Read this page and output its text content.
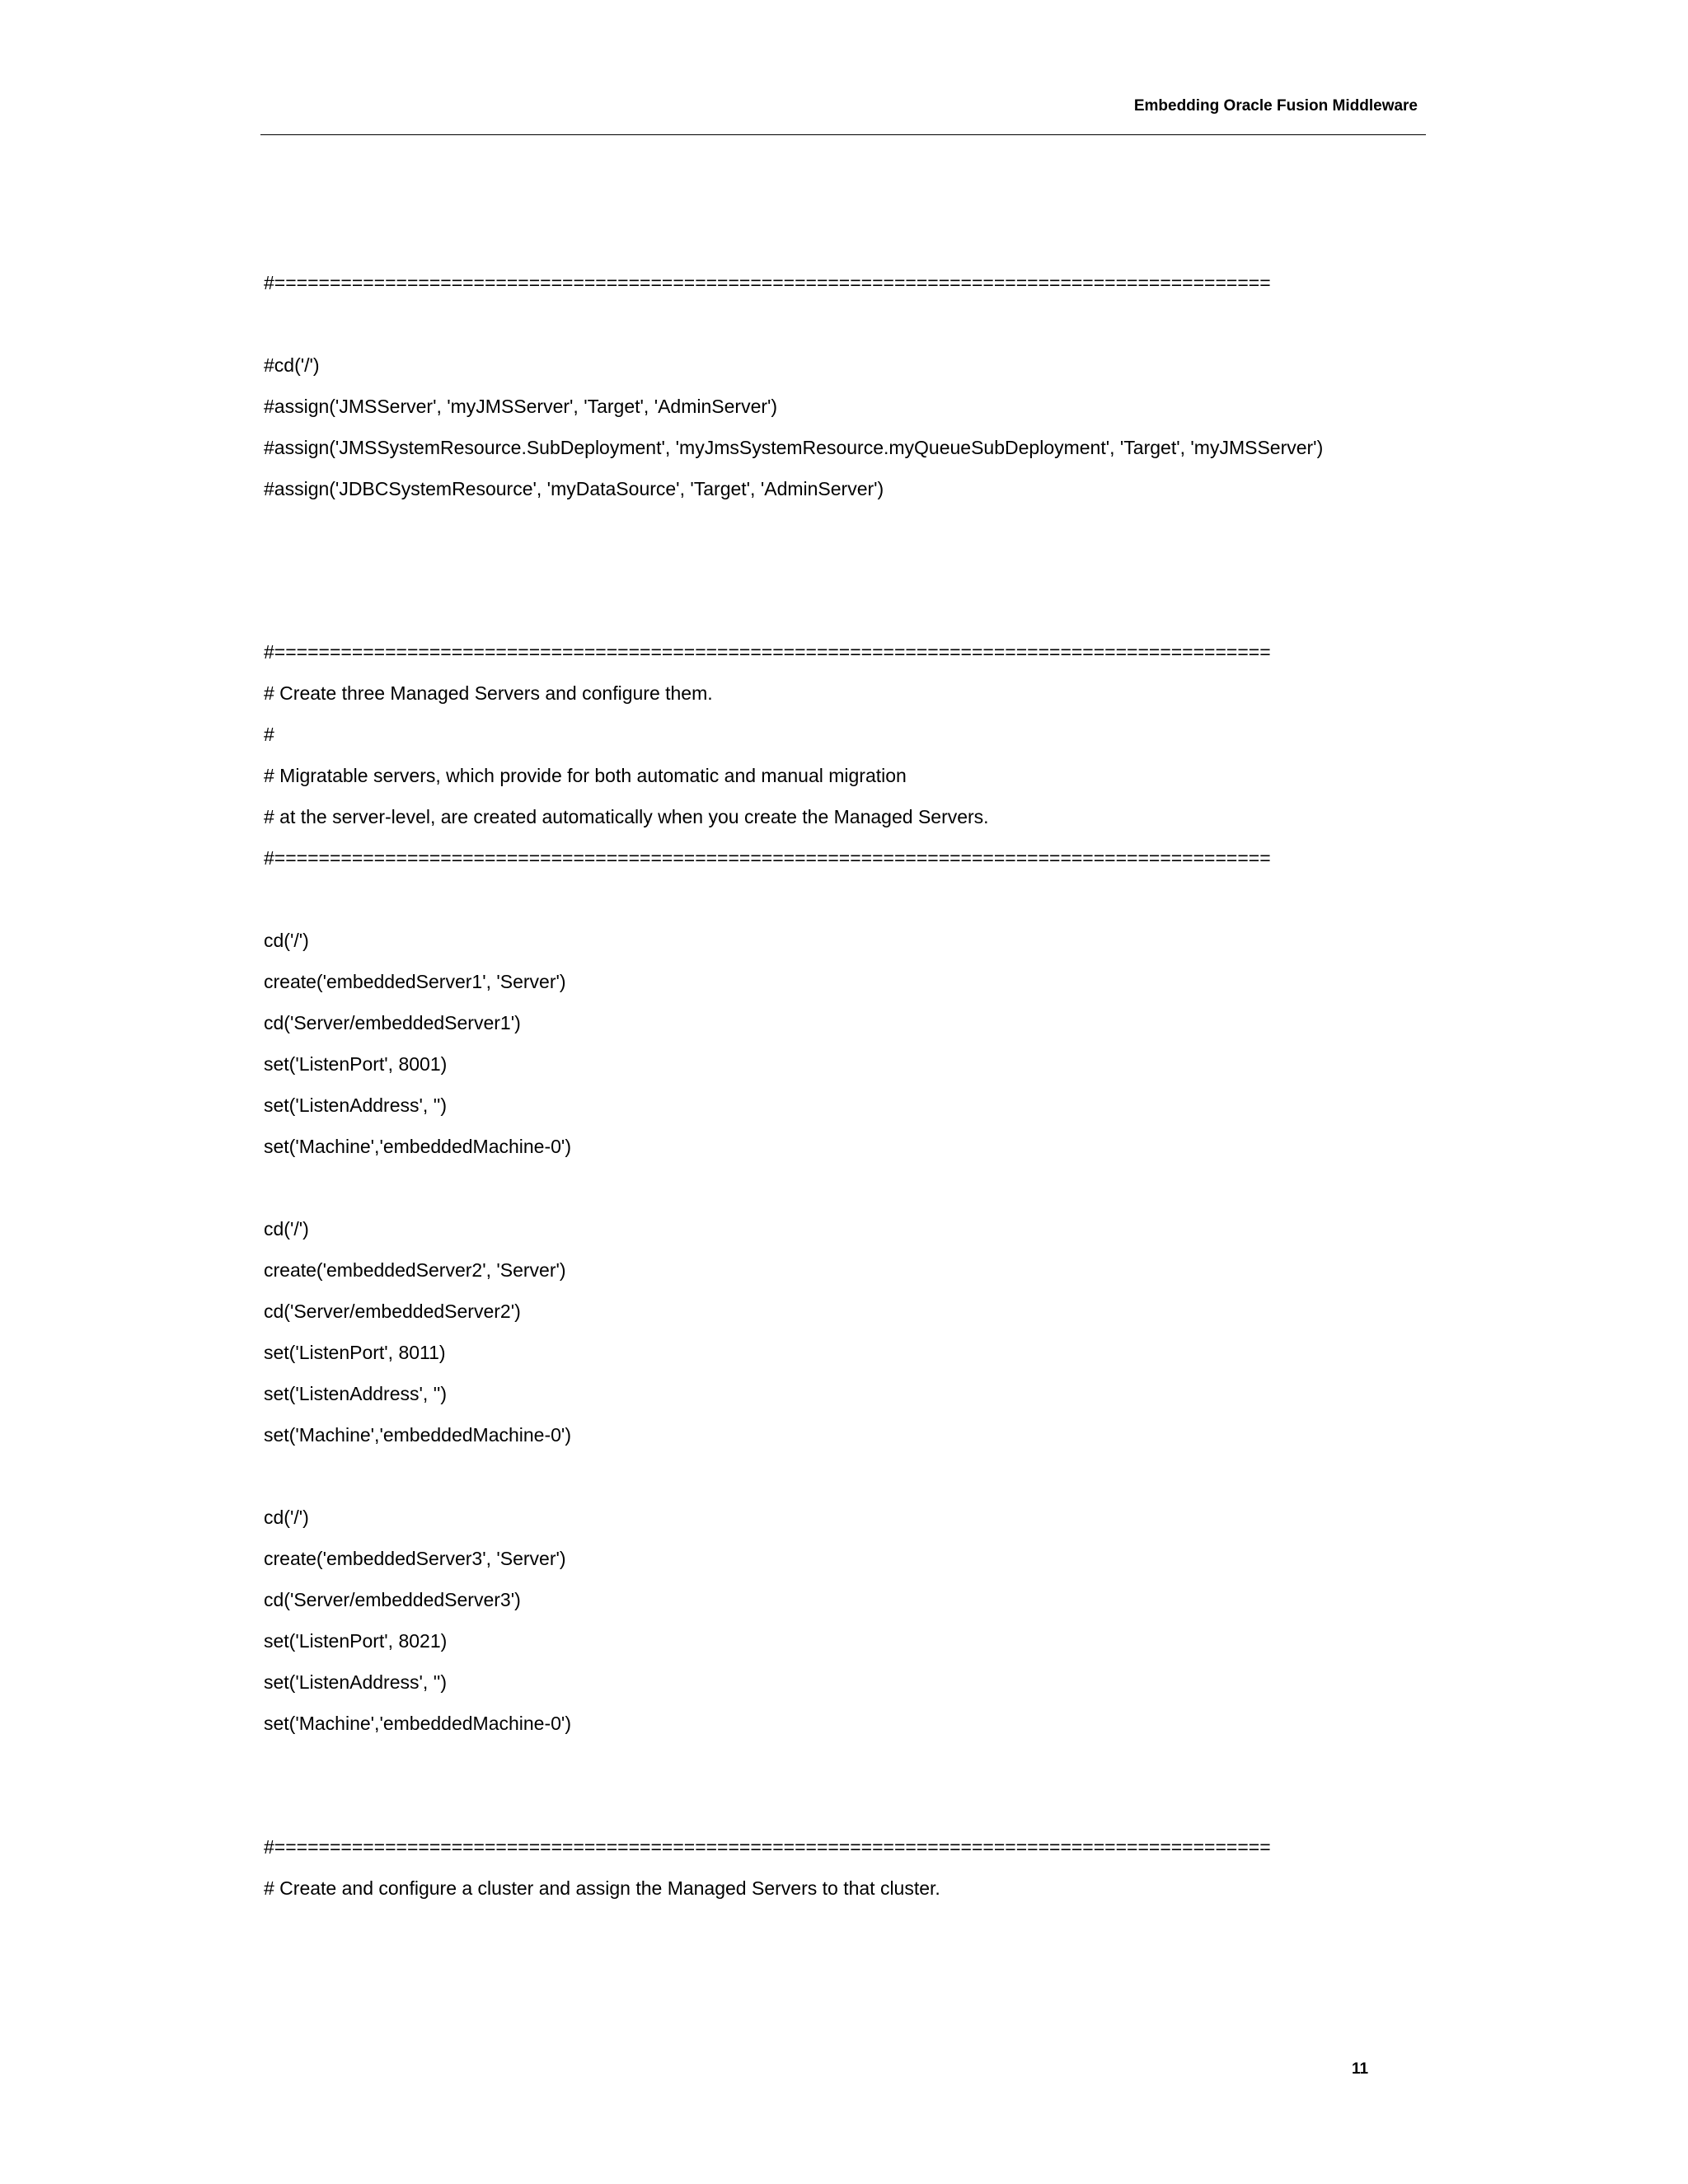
Embedding Oracle Fusion Middleware
#==========================================================================================
#cd('/')
#assign('JMSServer', 'myJMSServer', 'Target', 'AdminServer')
#assign('JMSSystemResource.SubDeployment', 'myJmsSystemResource.myQueueSubDeployment', 'Target', 'myJMSServer')
#assign('JDBCSystemResource', 'myDataSource', 'Target', 'AdminServer')
#==========================================================================================
# Create three Managed Servers and configure them.
#
# Migratable servers, which provide for both automatic and manual migration
# at the server-level, are created automatically when you create the Managed Servers.
#==========================================================================================
cd('/')
create('embeddedServer1', 'Server')
cd('Server/embeddedServer1')
set('ListenPort', 8001)
set('ListenAddress', '')
set('Machine','embeddedMachine-0')
cd('/')
create('embeddedServer2', 'Server')
cd('Server/embeddedServer2')
set('ListenPort', 8011)
set('ListenAddress', '')
set('Machine','embeddedMachine-0')
cd('/')
create('embeddedServer3', 'Server')
cd('Server/embeddedServer3')
set('ListenPort', 8021)
set('ListenAddress', '')
set('Machine','embeddedMachine-0')
#==========================================================================================
# Create and configure a cluster and assign the Managed Servers to that cluster.
11
